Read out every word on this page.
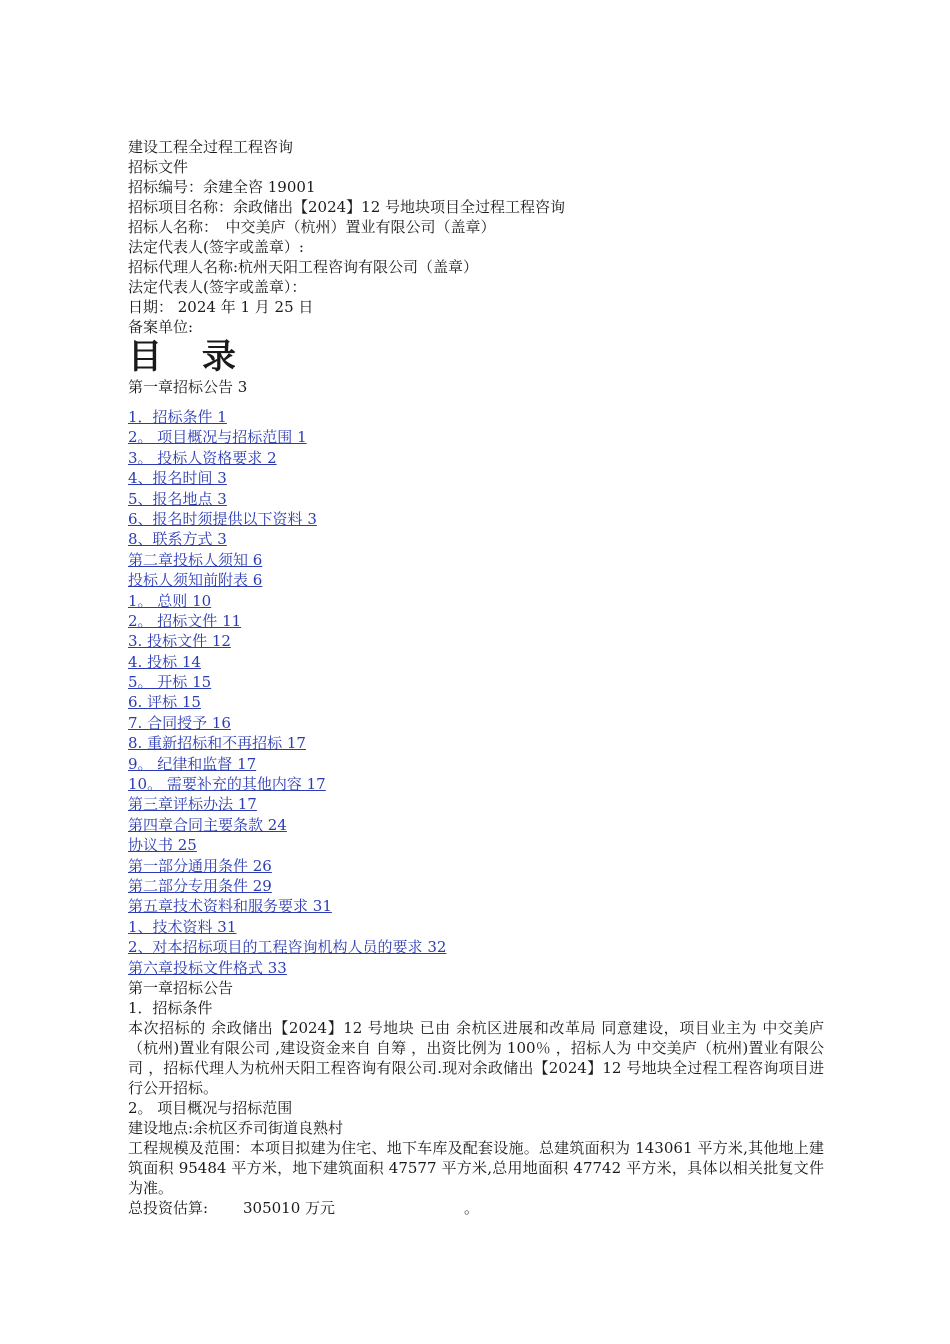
建设工程全过程工程咨询
招标文件
招标编号：余建全咨 19001
招标项目名称：余政储出【2024】12 号地块项目全过程工程咨询
招标人名称：　中交美庐（杭州）置业有限公司（盖章）
法定代表人(签字或盖章）:
招标代理人名称:杭州天阳工程咨询有限公司（盖章）
法定代表人(签字或盖章）：
日期： 2024 年 1 月 25 日
备案单位:
目 录
第一章招标公告 3
1．招标条件 1
2。 项目概况与招标范围 1
3。 投标人资格要求 2
4、报名时间 3
5、报名地点 3
6、报名时须提供以下资料 3
8、联系方式 3
第二章投标人须知 6
投标人须知前附表 6
1。 总则 10
2。 招标文件 11
3. 投标文件 12
4. 投标 14
5。 开标 15
6. 评标 15
7. 合同授予 16
8. 重新招标和不再招标 17
9。 纪律和监督 17
10。 需要补充的其他内容 17
第三章评标办法 17
第四章合同主要条款 24
协议书 25
第一部分通用条件 26
第二部分专用条件 29
第五章技术资料和服务要求 31
1、技术资料 31
2、对本招标项目的工程咨询机构人员的要求 32
第六章投标文件格式 33
第一章招标公告
1．招标条件
本次招标的 余政储出【2024】12 号地块 已由 余杭区进展和改革局 同意建设，项目业主为 中交美庐（杭州)置业有限公司 ,建设资金来自 自筹 ，出资比例为 100％ ，招标人为 中交美庐（杭州)置业有限公司 ，招标代理人为杭州天阳工程咨询有限公司.现对余政储出【2024】12 号地块全过程工程咨询项目进行公开招标。
2。 项目概况与招标范围
建设地点:余杭区乔司街道良熟村
工程规模及范围：本项目拟建为住宅、地下车库及配套设施。总建筑面积为 143061 平方米,其他地上建筑面积 95484 平方米，地下建筑面积 47577 平方米,总用地面积 47742 平方米，具体以相关批复文件为准。
总投资估算: 305010 万元	。
